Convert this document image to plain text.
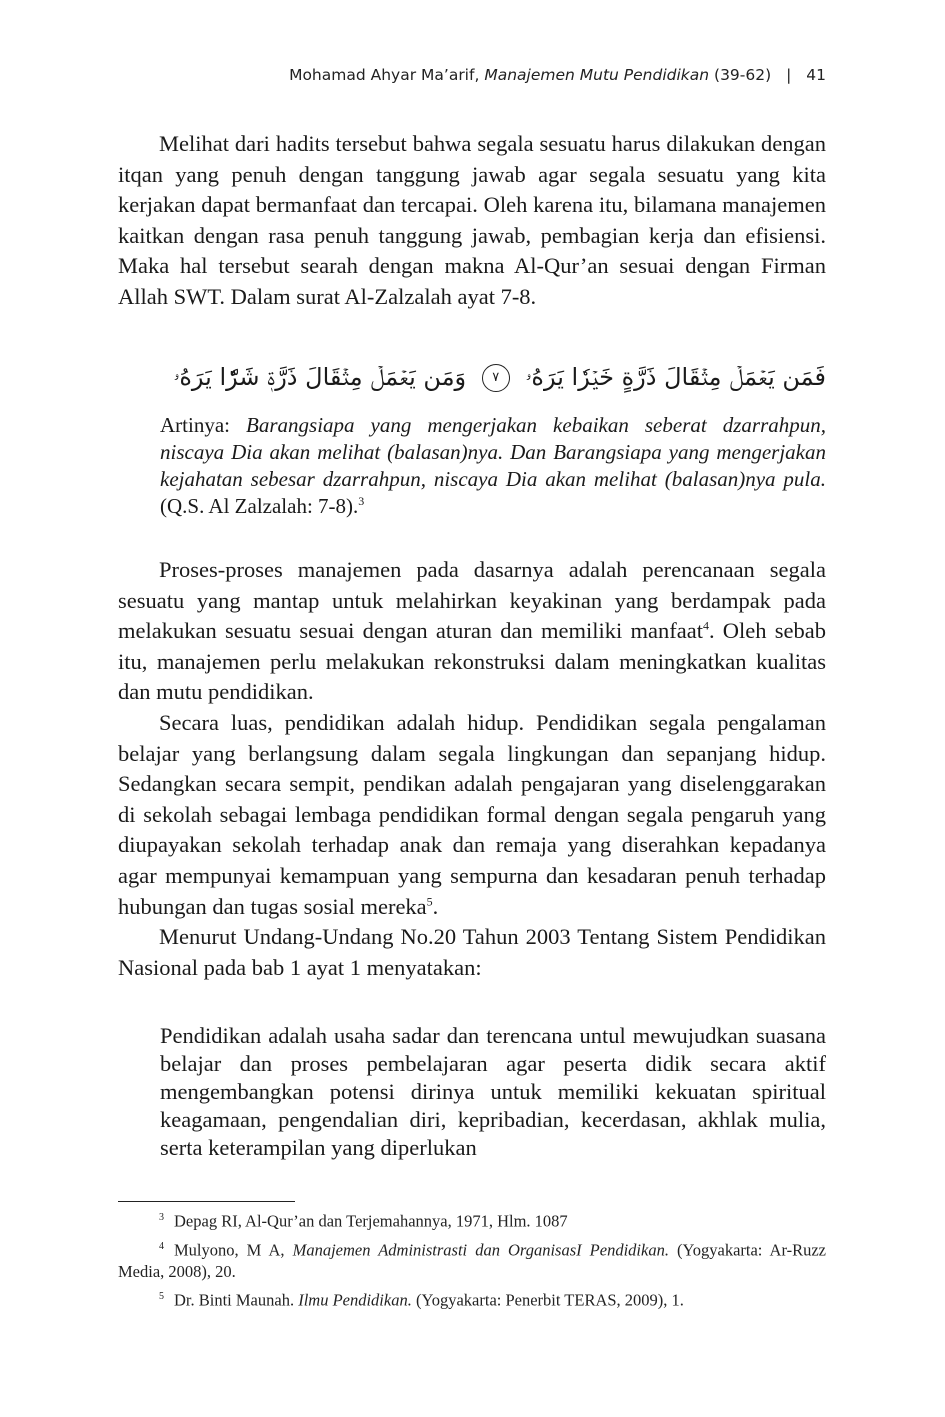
Mohamad Ahyar Ma’arif, Manajemen Mutu Pendidikan (39-62) | 41

Melihat dari hadits tersebut bahwa segala sesuatu harus dilakukan dengan itqan yang penuh dengan tanggung jawab agar segala sesuatu yang kita kerjakan dapat bermanfaat dan tercapai. Oleh karena itu, bilamana manajemen kaitkan dengan rasa penuh tanggung jawab, pembagian kerja dan efisiensi. Maka hal tersebut searah dengan makna Al-Qur’an sesuai dengan Firman Allah SWT. Dalam surat Al-Zalzalah ayat 7-8.

فَمَن يَعۡمَلۡ مِثۡقَالَ ذَرَّةٍ خَيۡرٗا يَرَهُۥ ٧ وَمَن يَعۡمَلۡ مِثۡقَالَ ذَرَّةٖ شَرّٗا يَرَهُۥ
Artinya: Barangsiapa yang mengerjakan kebaikan seberat dzarrahpun, niscaya Dia akan melihat (balasan)nya. Dan Barangsiapa yang mengerjakan kejahatan sebesar dzarrahpun, niscaya Dia akan melihat (balasan)nya pula. (Q.S. Al Zalzalah: 7-8).$^3$

Proses-proses manajemen pada dasarnya adalah perencanaan segala sesuatu yang mantap untuk melahirkan keyakinan yang berdampak pada melakukan sesuatu sesuai dengan aturan dan memiliki manfaat$^4$. Oleh sebab itu, manajemen perlu melakukan rekonstruksi dalam meningkatkan kualitas dan mutu pendidikan.

Secara luas, pendidikan adalah hidup. Pendidikan segala pengalaman belajar yang berlangsung dalam segala lingkungan dan sepanjang hidup. Sedangkan secara sempit, pendikan adalah pengajaran yang diselenggarakan di sekolah sebagai lembaga pendidikan formal dengan segala pengaruh yang diupayakan sekolah terhadap anak dan remaja yang diserahkan kepadanya agar mempunyai kemampuan yang sempurna dan kesadaran penuh terhadap hubungan dan tugas sosial mereka$^5$.

Menurut Undang-Undang No.20 Tahun 2003 Tentang Sistem Pendidikan Nasional pada bab 1 ayat 1 menyatakan:

Pendidikan adalah usaha sadar dan terencana untul mewujudkan suasana belajar dan proses pembelajaran agar peserta didik secara aktif mengembangkan potensi dirinya untuk memiliki kekuatan spiritual keagamaan, pengendalian diri, kepribadian, kecerdasan, akhlak mulia, serta keterampilan yang diperlukan

$^3$ Depag RI, Al-Qur’an dan Terjemahannya, 1971, Hlm. 1087

$^4$ Mulyono, M A, Manajemen Administrasti dan OrganisasI Pendidikan. (Yogyakarta: Ar-Ruzz Media, 2008), 20.

$^5$ Dr. Binti Maunah. Ilmu Pendidikan. (Yogyakarta: Penerbit TERAS, 2009), 1.
